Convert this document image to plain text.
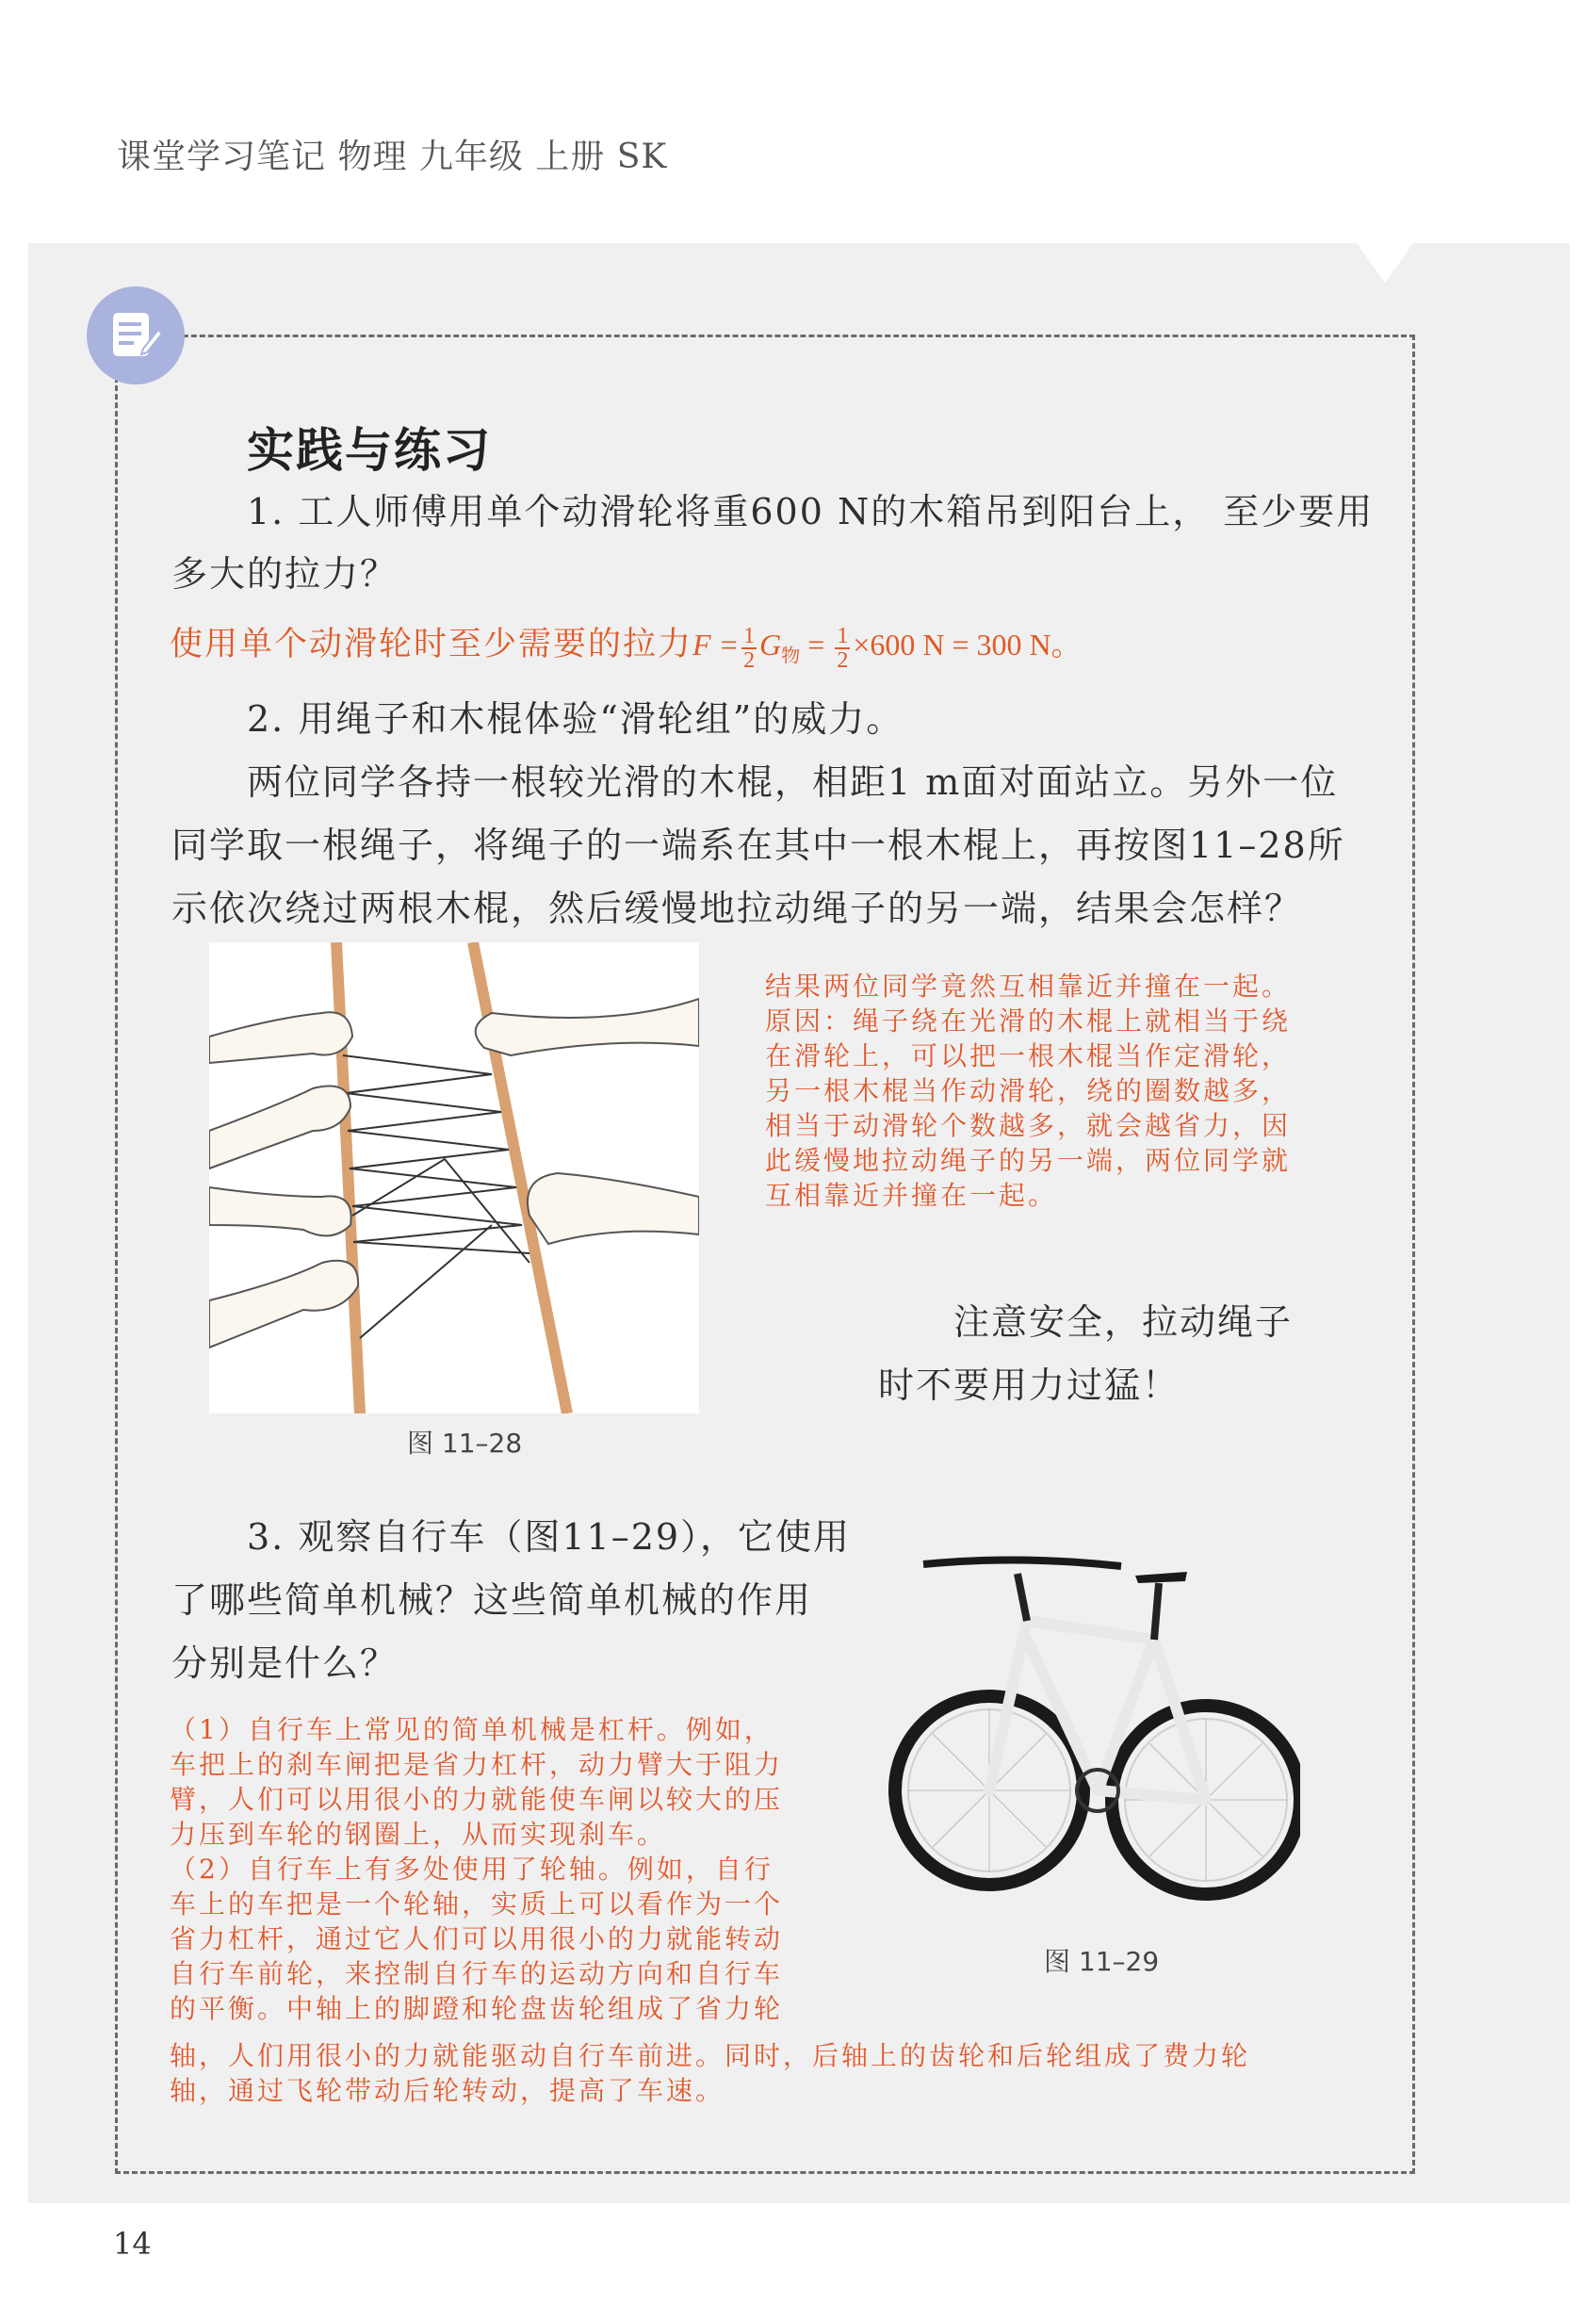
课堂学习笔记 物理 九年级 上册 SK
实践与练习
1. 工人师傅用单个动滑轮将重600 N的木箱吊到阳台上， 至少要用
多大的拉力？
使用单个动滑轮时至少需要的拉力$F = \frac{1}{2} G_物 = \frac{1}{2} \times 600$ N = 300 N。
2. 用绳子和木棍体验“滑轮组”的威力。
两位同学各持一根较光滑的木棍，相距1 m面对面站立。另外一位
同学取一根绳子，将绳子的一端系在其中一根木棍上，再按图11–28所
示依次绕过两根木棍，然后缓慢地拉动绳子的另一端，结果会怎样？
图 11–28
结果两位同学竟然互相靠近并撞在一起。
原因：绳子绕在光滑的木棍上就相当于绕
在滑轮上，可以把一根木棍当作定滑轮，
另一根木棍当作动滑轮，绕的圈数越多，
相当于动滑轮个数越多，就会越省力，因
此缓慢地拉动绳子的另一端，两位同学就
互相靠近并撞在一起。
注意安全，拉动绳子
时不要用力过猛！
3. 观察自行车（图11–29），它使用
了哪些简单机械？这些简单机械的作用
分别是什么？
（1）自行车上常见的简单机械是杠杆。例如，
车把上的刹车闸把是省力杠杆，动力臂大于阻力
臂，人们可以用很小的力就能使车闸以较大的压
力压到车轮的钢圈上，从而实现刹车。
（2）自行车上有多处使用了轮轴。例如，自行
车上的车把是一个轮轴，实质上可以看作为一个
省力杠杆，通过它人们可以用很小的力就能转动
自行车前轮，来控制自行车的运动方向和自行车
的平衡。中轴上的脚蹬和轮盘齿轮组成了省力轮
轴，人们用很小的力就能驱动自行车前进。同时，后轴上的齿轮和后轮组成了费力轮
轴，通过飞轮带动后轮转动，提高了车速。
图 11–29
14
